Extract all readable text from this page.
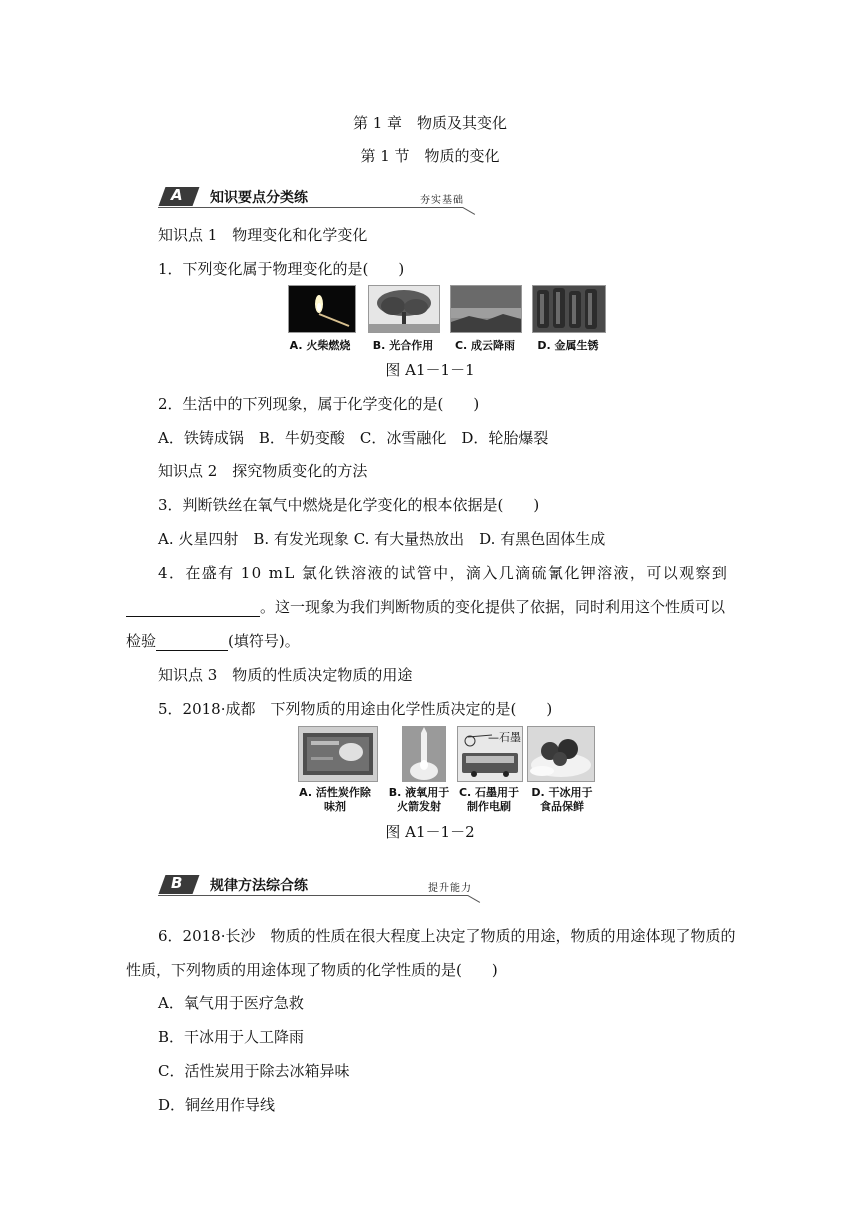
第 1 章　物质及其变化
第 1 节　物质的变化
A 知识要点分类练	夯实基础
知识点 1　物理变化和化学变化
1．下列变化属于物理变化的是(　　)
A. 火柴燃烧	B. 光合作用	C. 成云降雨	D. 金属生锈
图 A1－1－1
2．生活中的下列现象，属于化学变化的是(　　)
A．铁铸成锅　B．牛奶变酸　C．冰雪融化　D．轮胎爆裂
知识点 2　探究物质变化的方法
3．判断铁丝在氧气中燃烧是化学变化的根本依据是(　　)
A. 火星四射　B. 有发光现象 C. 有大量热放出　D. 有黑色固体生成
4．在盛有 10 mL 氯化铁溶液的试管中，滴入几滴硫氰化钾溶液，可以观察到
。这一现象为我们判断物质的变化提供了依据，同时利用这个性质可以
检验	(填符号)。
知识点 3　物质的性质决定物质的用途
5．2018·成都　下列物质的用途由化学性质决定的是(　　)
—石墨
A. 活性炭作除
味剂
B. 液氧用于
火箭发射
C. 石墨用于
制作电刷
D. 干冰用于
食品保鲜
图 A1－1－2
B 规律方法综合练	提升能力
6．2018·长沙　物质的性质在很大程度上决定了物质的用途，物质的用途体现了物质的
性质，下列物质的用途体现了物质的化学性质的是(　　)
A．氧气用于医疗急救
B．干冰用于人工降雨
C．活性炭用于除去冰箱异味
D．铜丝用作导线
